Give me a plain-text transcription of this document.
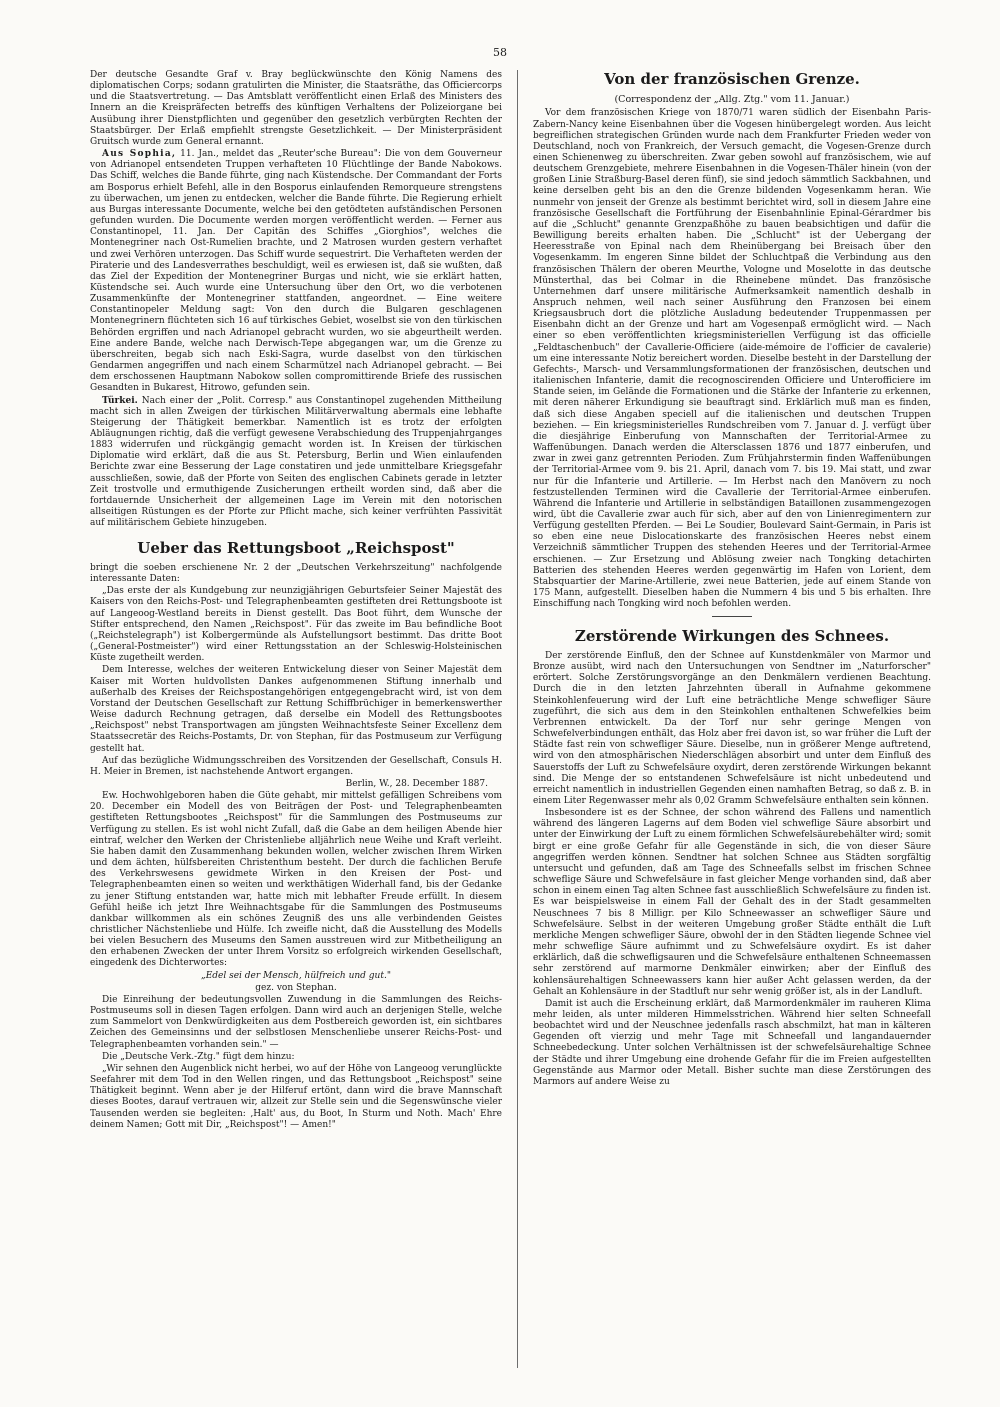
58

Der deutsche Gesandte Graf v. Bray beglückwünschte den König Namens des diplomatischen Corps; sodann gratulirten die Minister, die Staatsräthe, das Officiercorps und die Staatsvertretung. — Das Amtsblatt veröffentlicht einen Erlaß des Ministers des Innern an die Kreispräfecten betreffs des künftigen Verhaltens der Polizeiorgane bei Ausübung ihrer Dienstpflichten und gegenüber den gesetzlich verbürgten Rechten der Staatsbürger. Der Erlaß empfiehlt strengste Gesetzlichkeit. — Der Ministerpräsident Gruitsch wurde zum General ernannt.

Aus Sophia, 11. Jan., meldet das „Reuter'sche Bureau": Die von dem Gouverneur von Adrianopel entsendeten Truppen verhafteten 10 Flüchtlinge der Bande Nabokows. Das Schiff, welches die Bande führte, ging nach Küstendsche. Der Commandant der Forts am Bosporus erhielt Befehl, alle in den Bosporus einlaufenden Remorqueure strengstens zu überwachen, um jenen zu entdecken, welcher die Bande führte. Die Regierung erhielt aus Burgas interessante Documente, welche bei den getödteten aufständischen Personen gefunden wurden. Die Documente werden morgen veröffentlicht werden. — Ferner aus Constantinopel, 11. Jan. Der Capitän des Schiffes „Giorghios", welches die Montenegriner nach Ost-Rumelien brachte, und 2 Matrosen wurden gestern verhaftet und zwei Verhören unterzogen. Das Schiff wurde sequestrirt. Die Verhafteten werden der Piraterie und des Landesverrathes beschuldigt, weil es erwiesen ist, daß sie wußten, daß das Ziel der Expedition der Montenegriner Burgas und nicht, wie sie erklärt hatten, Küstendsche sei. Auch wurde eine Untersuchung über den Ort, wo die verbotenen Zusammenkünfte der Montenegriner stattfanden, angeordnet. — Eine weitere Constantinopeler Meldung sagt: Von den durch die Bulgaren geschlagenen Montenegrinern flüchteten sich 16 auf türkisches Gebiet, woselbst sie von den türkischen Behörden ergriffen und nach Adrianopel gebracht wurden, wo sie abgeurtheilt werden. Eine andere Bande, welche nach Derwisch-Tepe abgegangen war, um die Grenze zu überschreiten, begab sich nach Eski-Sagra, wurde daselbst von den türkischen Gendarmen angegriffen und nach einem Scharmützel nach Adrianopel gebracht. — Bei dem erschossenen Hauptmann Nabokow sollen compromittirende Briefe des russischen Gesandten in Bukarest, Hitrowo, gefunden sein.

Türkei. Nach einer der „Polit. Corresp." aus Constantinopel zugehenden Mittheilung macht sich in allen Zweigen der türkischen Militärverwaltung abermals eine lebhafte Steigerung der Thätigkeit bemerkbar. Namentlich ist es trotz der erfolgten Abläugnungen richtig, daß die verfügt gewesene Verabschiedung des Truppenjahrganges 1883 widerrufen und rückgängig gemacht worden ist. In Kreisen der türkischen Diplomatie wird erklärt, daß die aus St. Petersburg, Berlin und Wien einlaufenden Berichte zwar eine Besserung der Lage constatiren und jede unmittelbare Kriegsgefahr ausschließen, sowie, daß der Pforte von Seiten des englischen Cabinets gerade in letzter Zeit trostvolle und ermuthigende Zusicherungen ertheilt worden sind, daß aber die fortdauernde Unsicherheit der allgemeinen Lage im Verein mit den notorischen allseitigen Rüstungen es der Pforte zur Pflicht mache, sich keiner verfrühten Passivität auf militärischem Gebiete hinzugeben.

Ueber das Rettungsboot „Reichspost"

bringt die soeben erschienene Nr. 2 der „Deutschen Verkehrszeitung" nachfolgende interessante Daten:

„Das erste der als Kundgebung zur neunzigjährigen Geburtsfeier Seiner Majestät des Kaisers von den Reichs-Post- und Telegraphenbeamten gestifteten drei Rettungsboote ist auf Langeoog-Westland bereits in Dienst gestellt. Das Boot führt, dem Wunsche der Stifter entsprechend, den Namen „Reichspost". Für das zweite im Bau befindliche Boot („Reichstelegraph") ist Kolbergermünde als Aufstellungsort bestimmt. Das dritte Boot („General-Postmeister") wird einer Rettungsstation an der Schleswig-Holsteinischen Küste zugetheilt werden.

Dem Interesse, welches der weiteren Entwickelung dieser von Seiner Majestät dem Kaiser mit Worten huldvollsten Dankes aufgenommenen Stiftung innerhalb und außerhalb des Kreises der Reichspostangehörigen entgegengebracht wird, ist von dem Vorstand der Deutschen Gesellschaft zur Rettung Schiffbrüchiger in bemerkenswerther Weise dadurch Rechnung getragen, daß derselbe ein Modell des Rettungsbootes „Reichspost" nebst Transportwagen am jüngsten Weihnachtsfeste Seiner Excellenz dem Staatssecretär des Reichs-Postamts, Dr. von Stephan, für das Postmuseum zur Verfügung gestellt hat.

Auf das bezügliche Widmungsschreiben des Vorsitzenden der Gesellschaft, Consuls H. H. Meier in Bremen, ist nachstehende Antwort ergangen.

Berlin, W., 28. December 1887.

Ew. Hochwohlgeboren haben die Güte gehabt, mir mittelst gefälligen Schreibens vom 20. December ein Modell des von Beiträgen der Post- und Telegraphenbeamten gestifteten Rettungsbootes „Reichspost" für die Sammlungen des Postmuseums zur Verfügung zu stellen. Es ist wohl nicht Zufall, daß die Gabe an dem heiligen Abende hier eintraf, welcher den Werken der Christenliebe alljährlich neue Weihe und Kraft verleiht. Sie haben damit den Zusammenhang bekunden wollen, welcher zwischen Ihrem Wirken und dem ächten, hülfsbereiten Christenthum besteht. Der durch die fachlichen Berufe des Verkehrswesens gewidmete Wirken in den Kreisen der Post- und Telegraphenbeamten einen so weiten und werkthätigen Widerhall fand, bis der Gedanke zu jener Stiftung entstanden war, hatte mich mit lebhafter Freude erfüllt. In diesem Gefühl heiße ich jetzt Ihre Weihnachtsgabe für die Sammlungen des Postmuseums dankbar willkommen als ein schönes Zeugniß des uns alle verbindenden Geistes christlicher Nächstenliebe und Hülfe. Ich zweifle nicht, daß die Ausstellung des Modells bei vielen Besuchern des Museums den Samen ausstreuen wird zur Mitbetheiligung an den erhabenen Zwecken der unter Ihrem Vorsitz so erfolgreich wirkenden Gesellschaft, eingedenk des Dichterwortes:

„Edel sei der Mensch, hülfreich und gut."

gez. von Stephan.

Die Einreihung der bedeutungsvollen Zuwendung in die Sammlungen des Reichs-Postmuseums soll in diesen Tagen erfolgen. Dann wird auch an derjenigen Stelle, welche zum Sammelort von Denkwürdigkeiten aus dem Postbereich geworden ist, ein sichtbares Zeichen des Gemeinsinns und der selbstlosen Menschenliebe unserer Reichs-Post- und Telegraphenbeamten vorhanden sein." —

Die „Deutsche Verk.-Ztg." fügt dem hinzu:

„Wir sehnen den Augenblick nicht herbei, wo auf der Höhe von Langeoog verunglückte Seefahrer mit dem Tod in den Wellen ringen, und das Rettungsboot „Reichspost" seine Thätigkeit beginnt. Wenn aber je der Hilferuf ertönt, dann wird die brave Mannschaft dieses Bootes, darauf vertrauen wir, allzeit zur Stelle sein und die Segenswünsche vieler Tausenden werden sie begleiten: ‚Halt' aus, du Boot, In Sturm und Noth. Mach' Ehre deinem Namen; Gott mit Dir, „Reichspost"! — Amen!"

Von der französischen Grenze.
(Correspondenz der „Allg. Ztg." vom 11. Januar.)

Vor dem französischen Kriege von 1870/71 waren südlich der Eisenbahn Paris-Zabern-Nancy keine Eisenbahnen über die Vogesen hinübergelegt worden. Aus leicht begreiflichen strategischen Gründen wurde nach dem Frankfurter Frieden weder von Deutschland, noch von Frankreich, der Versuch gemacht, die Vogesen-Grenze durch einen Schienenweg zu überschreiten. Zwar geben sowohl auf französischem, wie auf deutschem Grenzgebiete, mehrere Eisenbahnen in die Vogesen-Thäler hinein (von der großen Linie Straßburg-Basel deren fünf), sie sind jedoch sämmtlich Sackbahnen, und keine derselben geht bis an den die Grenze bildenden Vogesenkamm heran. Wie nunmehr von jenseit der Grenze als bestimmt berichtet wird, soll in diesem Jahre eine französische Gesellschaft die Fortführung der Eisenbahnlinie Epinal-Gérardmer bis auf die „Schlucht" genannte Grenzpaßhöhe zu bauen beabsichtigen und dafür die Bewilligung bereits erhalten haben. Die „Schlucht" ist der Uebergang der Heeresstraße von Epinal nach dem Rheinübergang bei Breisach über den Vogesenkamm. Im engeren Sinne bildet der Schluchtpaß die Verbindung aus den französischen Thälern der oberen Meurthe, Vologne und Moselotte in das deutsche Münsterthal, das bei Colmar in die Rheinebene mündet. Das französische Unternehmen darf unsere militärische Aufmerksamkeit namentlich deshalb in Anspruch nehmen, weil nach seiner Ausführung den Franzosen bei einem Kriegsausbruch dort die plötzliche Ausladung bedeutender Truppenmassen per Eisenbahn dicht an der Grenze und hart am Vogesenpaß ermöglicht wird. — Nach einer so eben veröffentlichten kriegsministeriellen Verfügung ist das officielle „Feldtaschenbuch" der Cavallerie-Officiere (aide-mémoire de l'officier de cavalerie) um eine interessante Notiz bereichert worden. Dieselbe besteht in der Darstellung der Gefechts-, Marsch- und Versammlungsformationen der französischen, deutschen und italienischen Infanterie, damit die recognoscirenden Officiere und Unterofficiere im Stande seien, im Gelände die Formationen und die Stärke der Infanterie zu erkennen, mit deren näherer Erkundigung sie beauftragt sind. Erklärlich muß man es finden, daß sich diese Angaben speciell auf die italienischen und deutschen Truppen beziehen. — Ein kriegsministerielles Rundschreiben vom 7. Januar d. J. verfügt über die diesjährige Einberufung von Mannschaften der Territorial-Armee zu Waffenübungen. Danach werden die Altersclassen 1876 und 1877 einberufen, und zwar in zwei ganz getrennten Perioden. Zum Frühjahrstermin finden Waffenübungen der Territorial-Armee vom 9. bis 21. April, danach vom 7. bis 19. Mai statt, und zwar nur für die Infanterie und Artillerie. — Im Herbst nach den Manövern zu noch festzustellenden Terminen wird die Cavallerie der Territorial-Armee einberufen. Während die Infanterie und Artillerie in selbständigen Bataillonen zusammengezogen wird, übt die Cavallerie zwar auch für sich, aber auf den von Linienregimentern zur Verfügung gestellten Pferden. — Bei Le Soudier, Boulevard Saint-Germain, in Paris ist so eben eine neue Dislocationskarte des französischen Heeres nebst einem Verzeichniß sämmtlicher Truppen des stehenden Heeres und der Territorial-Armee erschienen. — Zur Ersetzung und Ablösung zweier nach Tongking detachirten Batterien des stehenden Heeres werden gegenwärtig im Hafen von Lorient, dem Stabsquartier der Marine-Artillerie, zwei neue Batterien, jede auf einem Stande von 175 Mann, aufgestellt. Dieselben haben die Nummern 4 bis und 5 bis erhalten. Ihre Einschiffung nach Tongking wird noch befohlen werden.

Zerstörende Wirkungen des Schnees.

Der zerstörende Einfluß, den der Schnee auf Kunstdenkmäler von Marmor und Bronze ausübt, wird nach den Untersuchungen von Sendtner im „Naturforscher" erörtert. Solche Zerstörungsvorgänge an den Denkmälern verdienen Beachtung. Durch die in den letzten Jahrzehnten überall in Aufnahme gekommene Steinkohlenfeuerung wird der Luft eine beträchtliche Menge schwefliger Säure zugeführt, die sich aus dem in den Steinkohlen enthaltenen Schwefelkies beim Verbrennen entwickelt. Da der Torf nur sehr geringe Mengen von Schwefelverbindungen enthält, das Holz aber frei davon ist, so war früher die Luft der Städte fast rein von schwefliger Säure. Dieselbe, nun in größerer Menge auftretend, wird von den atmosphärischen Niederschlägen absorbirt und unter dem Einfluß des Sauerstoffs der Luft zu Schwefelsäure oxydirt, deren zerstörende Wirkungen bekannt sind. Die Menge der so entstandenen Schwefelsäure ist nicht unbedeutend und erreicht namentlich in industriellen Gegenden einen namhaften Betrag, so daß z. B. in einem Liter Regenwasser mehr als 0,02 Gramm Schwefelsäure enthalten sein können.

Insbesondere ist es der Schnee, der schon während des Fallens und namentlich während des längeren Lagerns auf dem Boden viel schweflige Säure absorbirt und unter der Einwirkung der Luft zu einem förmlichen Schwefelsäurebehälter wird; somit birgt er eine große Gefahr für alle Gegenstände in sich, die von dieser Säure angegriffen werden können. Sendtner hat solchen Schnee aus Städten sorgfältig untersucht und gefunden, daß am Tage des Schneefalls selbst im frischen Schnee schweflige Säure und Schwefelsäure in fast gleicher Menge vorhanden sind, daß aber schon in einem einen Tag alten Schnee fast ausschließlich Schwefelsäure zu finden ist. Es war beispielsweise in einem Fall der Gehalt des in der Stadt gesammelten Neuschnees 7 bis 8 Milligr. per Kilo Schneewasser an schwefliger Säure und Schwefelsäure. Selbst in der weiteren Umgebung großer Städte enthält die Luft merkliche Mengen schwefliger Säure, obwohl der in den Städten liegende Schnee viel mehr schweflige Säure aufnimmt und zu Schwefelsäure oxydirt. Es ist daher erklärlich, daß die schwefligsauren und die Schwefelsäure enthaltenen Schneemassen sehr zerstörend auf marmorne Denkmäler einwirken; aber der Einfluß des kohlensäurehaltigen Schneewassers kann hier außer Acht gelassen werden, da der Gehalt an Kohlensäure in der Stadtluft nur sehr wenig größer ist, als in der Landluft.

Damit ist auch die Erscheinung erklärt, daß Marmordenkmäler im rauheren Klima mehr leiden, als unter milderen Himmelsstrichen. Während hier selten Schneefall beobachtet wird und der Neuschnee jedenfalls rasch abschmilzt, hat man in kälteren Gegenden oft vierzig und mehr Tage mit Schneefall und langandauernder Schneebedeckung. Unter solchen Verhältnissen ist der schwefelsäurehaltige Schnee der Städte und ihrer Umgebung eine drohende Gefahr für die im Freien aufgestellten Gegenstände aus Marmor oder Metall. Bisher suchte man diese Zerstörungen des Marmors auf andere Weise zu
